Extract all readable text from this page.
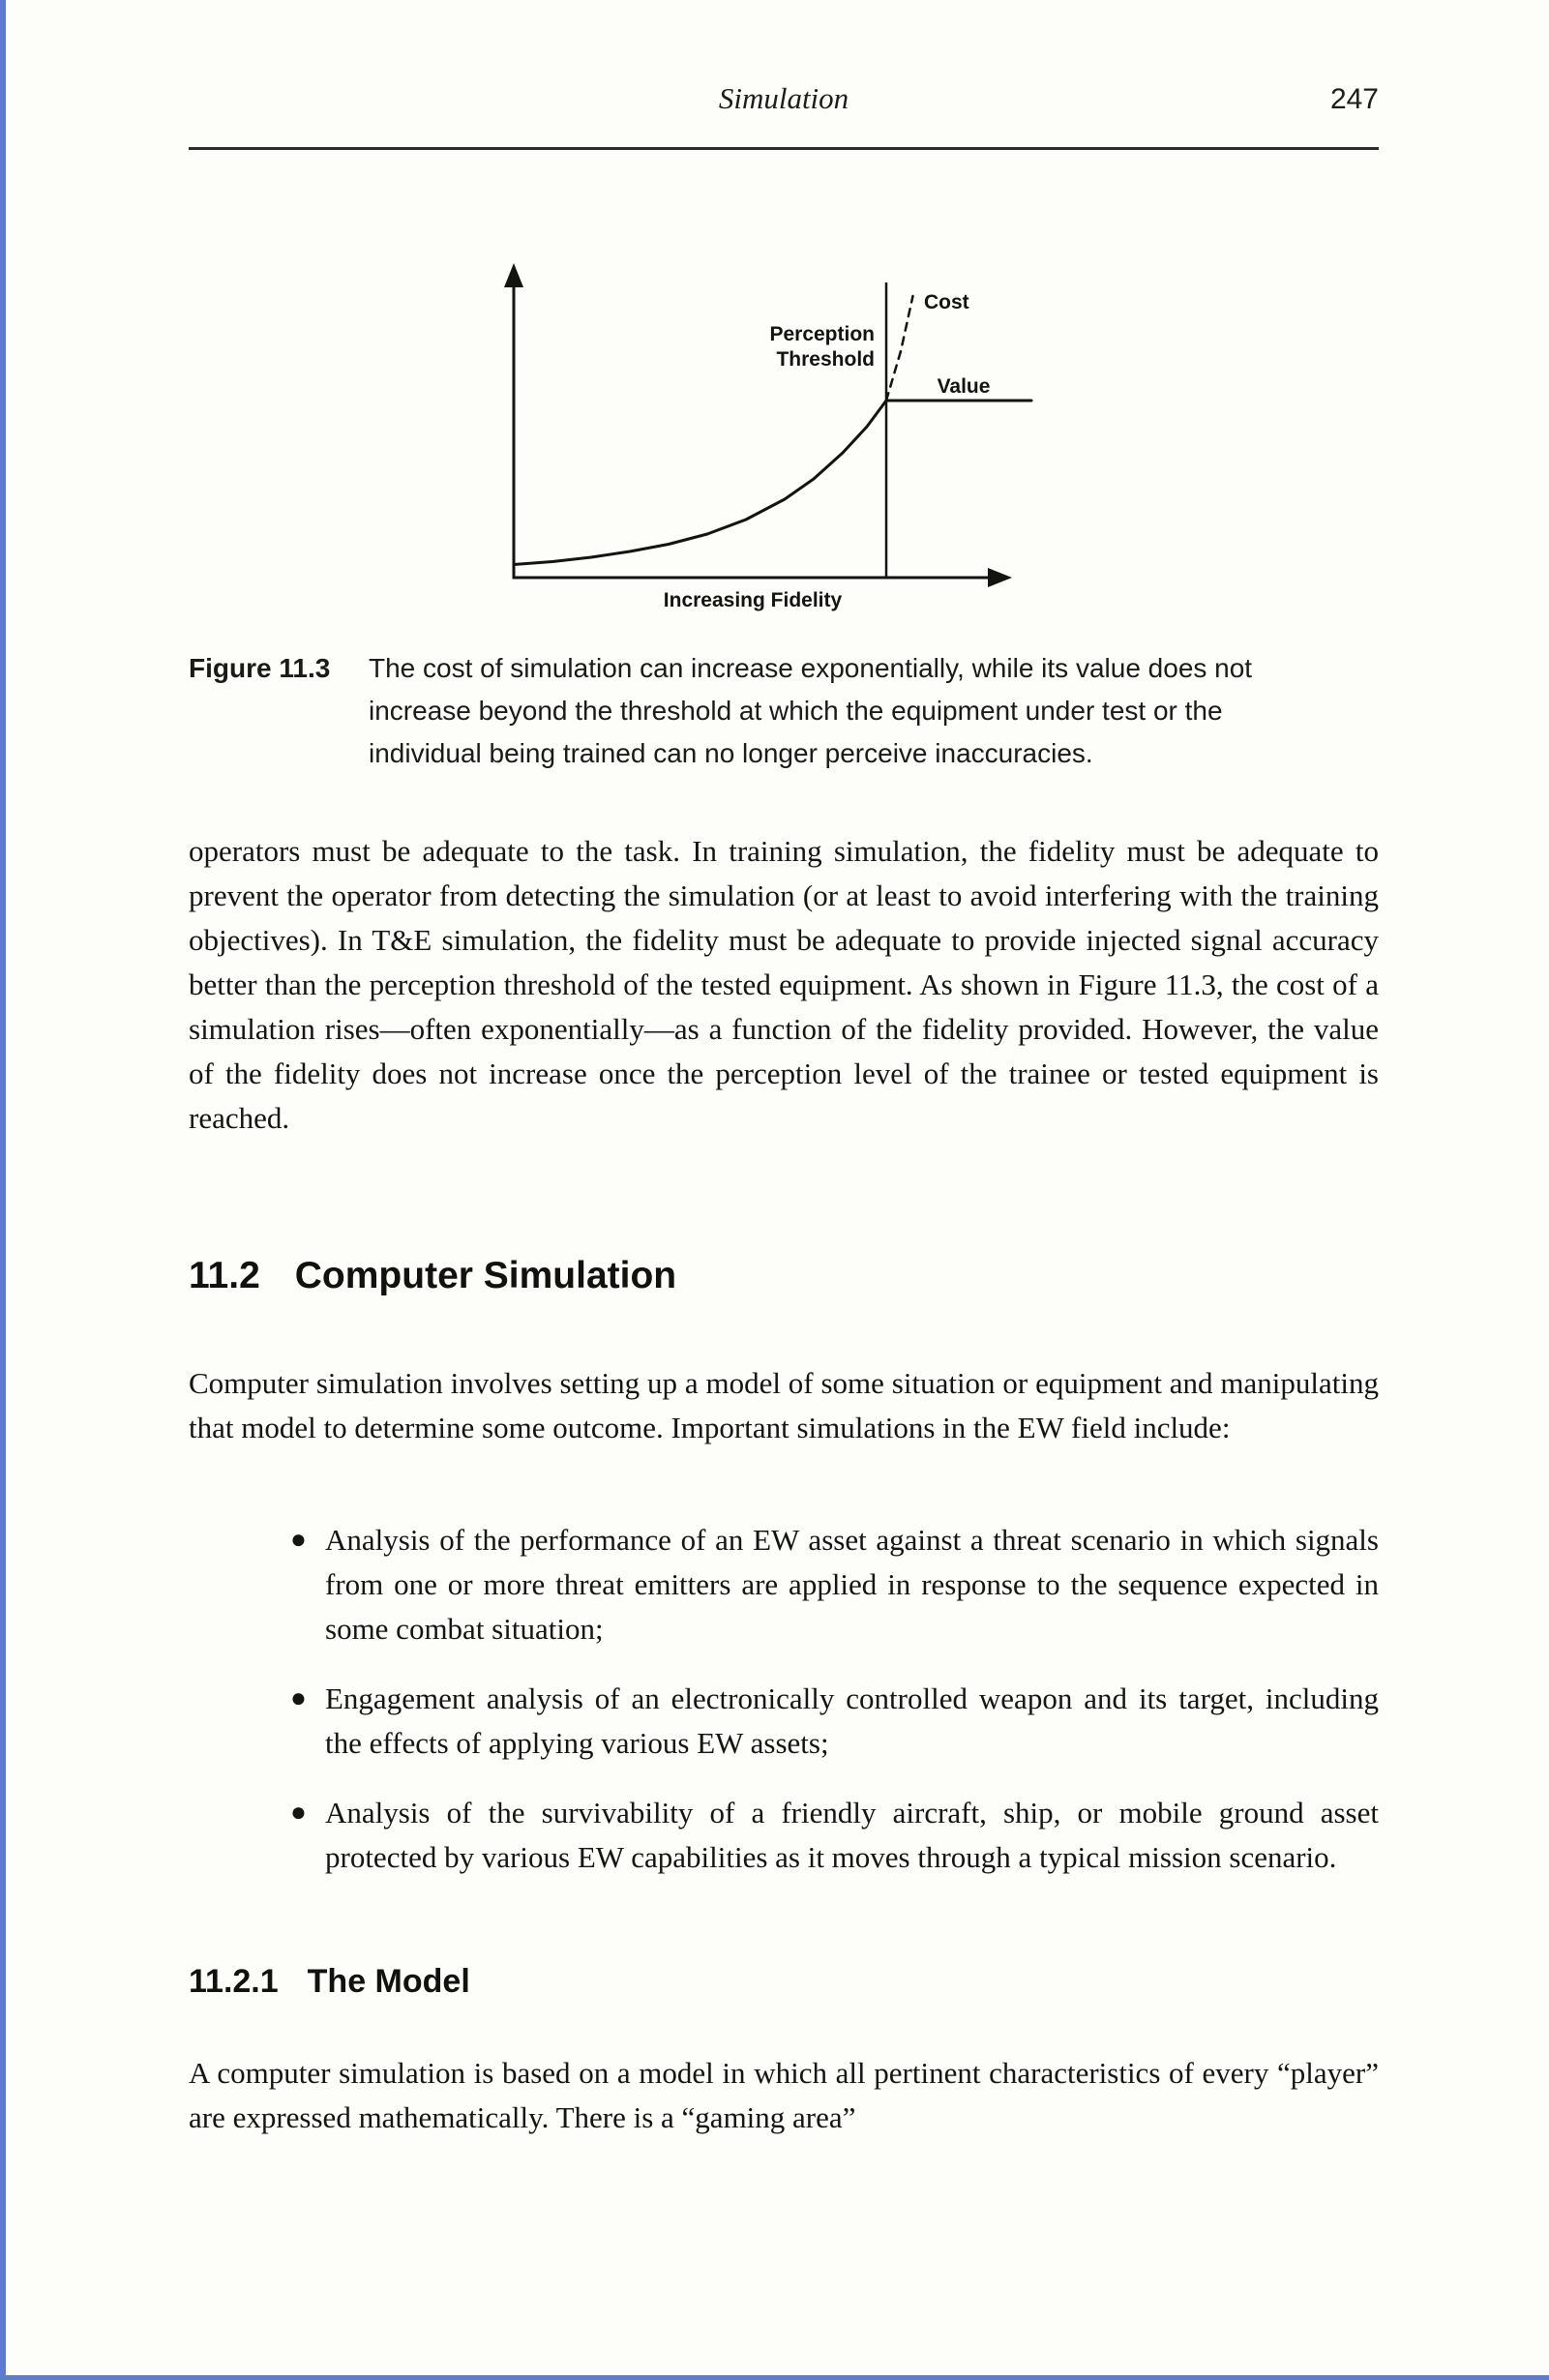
Simulation	247
Perception
Threshold
Cost
Value
Increasing Fidelity
Figure 11.3	The cost of simulation can increase exponentially, while its value does not increase beyond the threshold at which the equipment under test or the individual being trained can no longer perceive inaccuracies.

operators must be adequate to the task. In training simulation, the fidelity must be adequate to prevent the operator from detecting the simulation (or at least to avoid interfering with the training objectives). In T&E simulation, the fidelity must be adequate to provide injected signal accuracy better than the perception threshold of the tested equipment. As shown in Figure 11.3, the cost of a simulation rises—often exponentially—as a function of the fidelity provided. However, the value of the fidelity does not increase once the perception level of the trainee or tested equipment is reached.

11.2 Computer Simulation

Computer simulation involves setting up a model of some situation or equipment and manipulating that model to determine some outcome. Important simulations in the EW field include:

● Analysis of the performance of an EW asset against a threat scenario in which signals from one or more threat emitters are applied in response to the sequence expected in some combat situation;
● Engagement analysis of an electronically controlled weapon and its target, including the effects of applying various EW assets;
● Analysis of the survivability of a friendly aircraft, ship, or mobile ground asset protected by various EW capabilities as it moves through a typical mission scenario.
11.2.1 The Model

A computer simulation is based on a model in which all pertinent characteristics of every “player” are expressed mathematically. There is a “gaming area”
